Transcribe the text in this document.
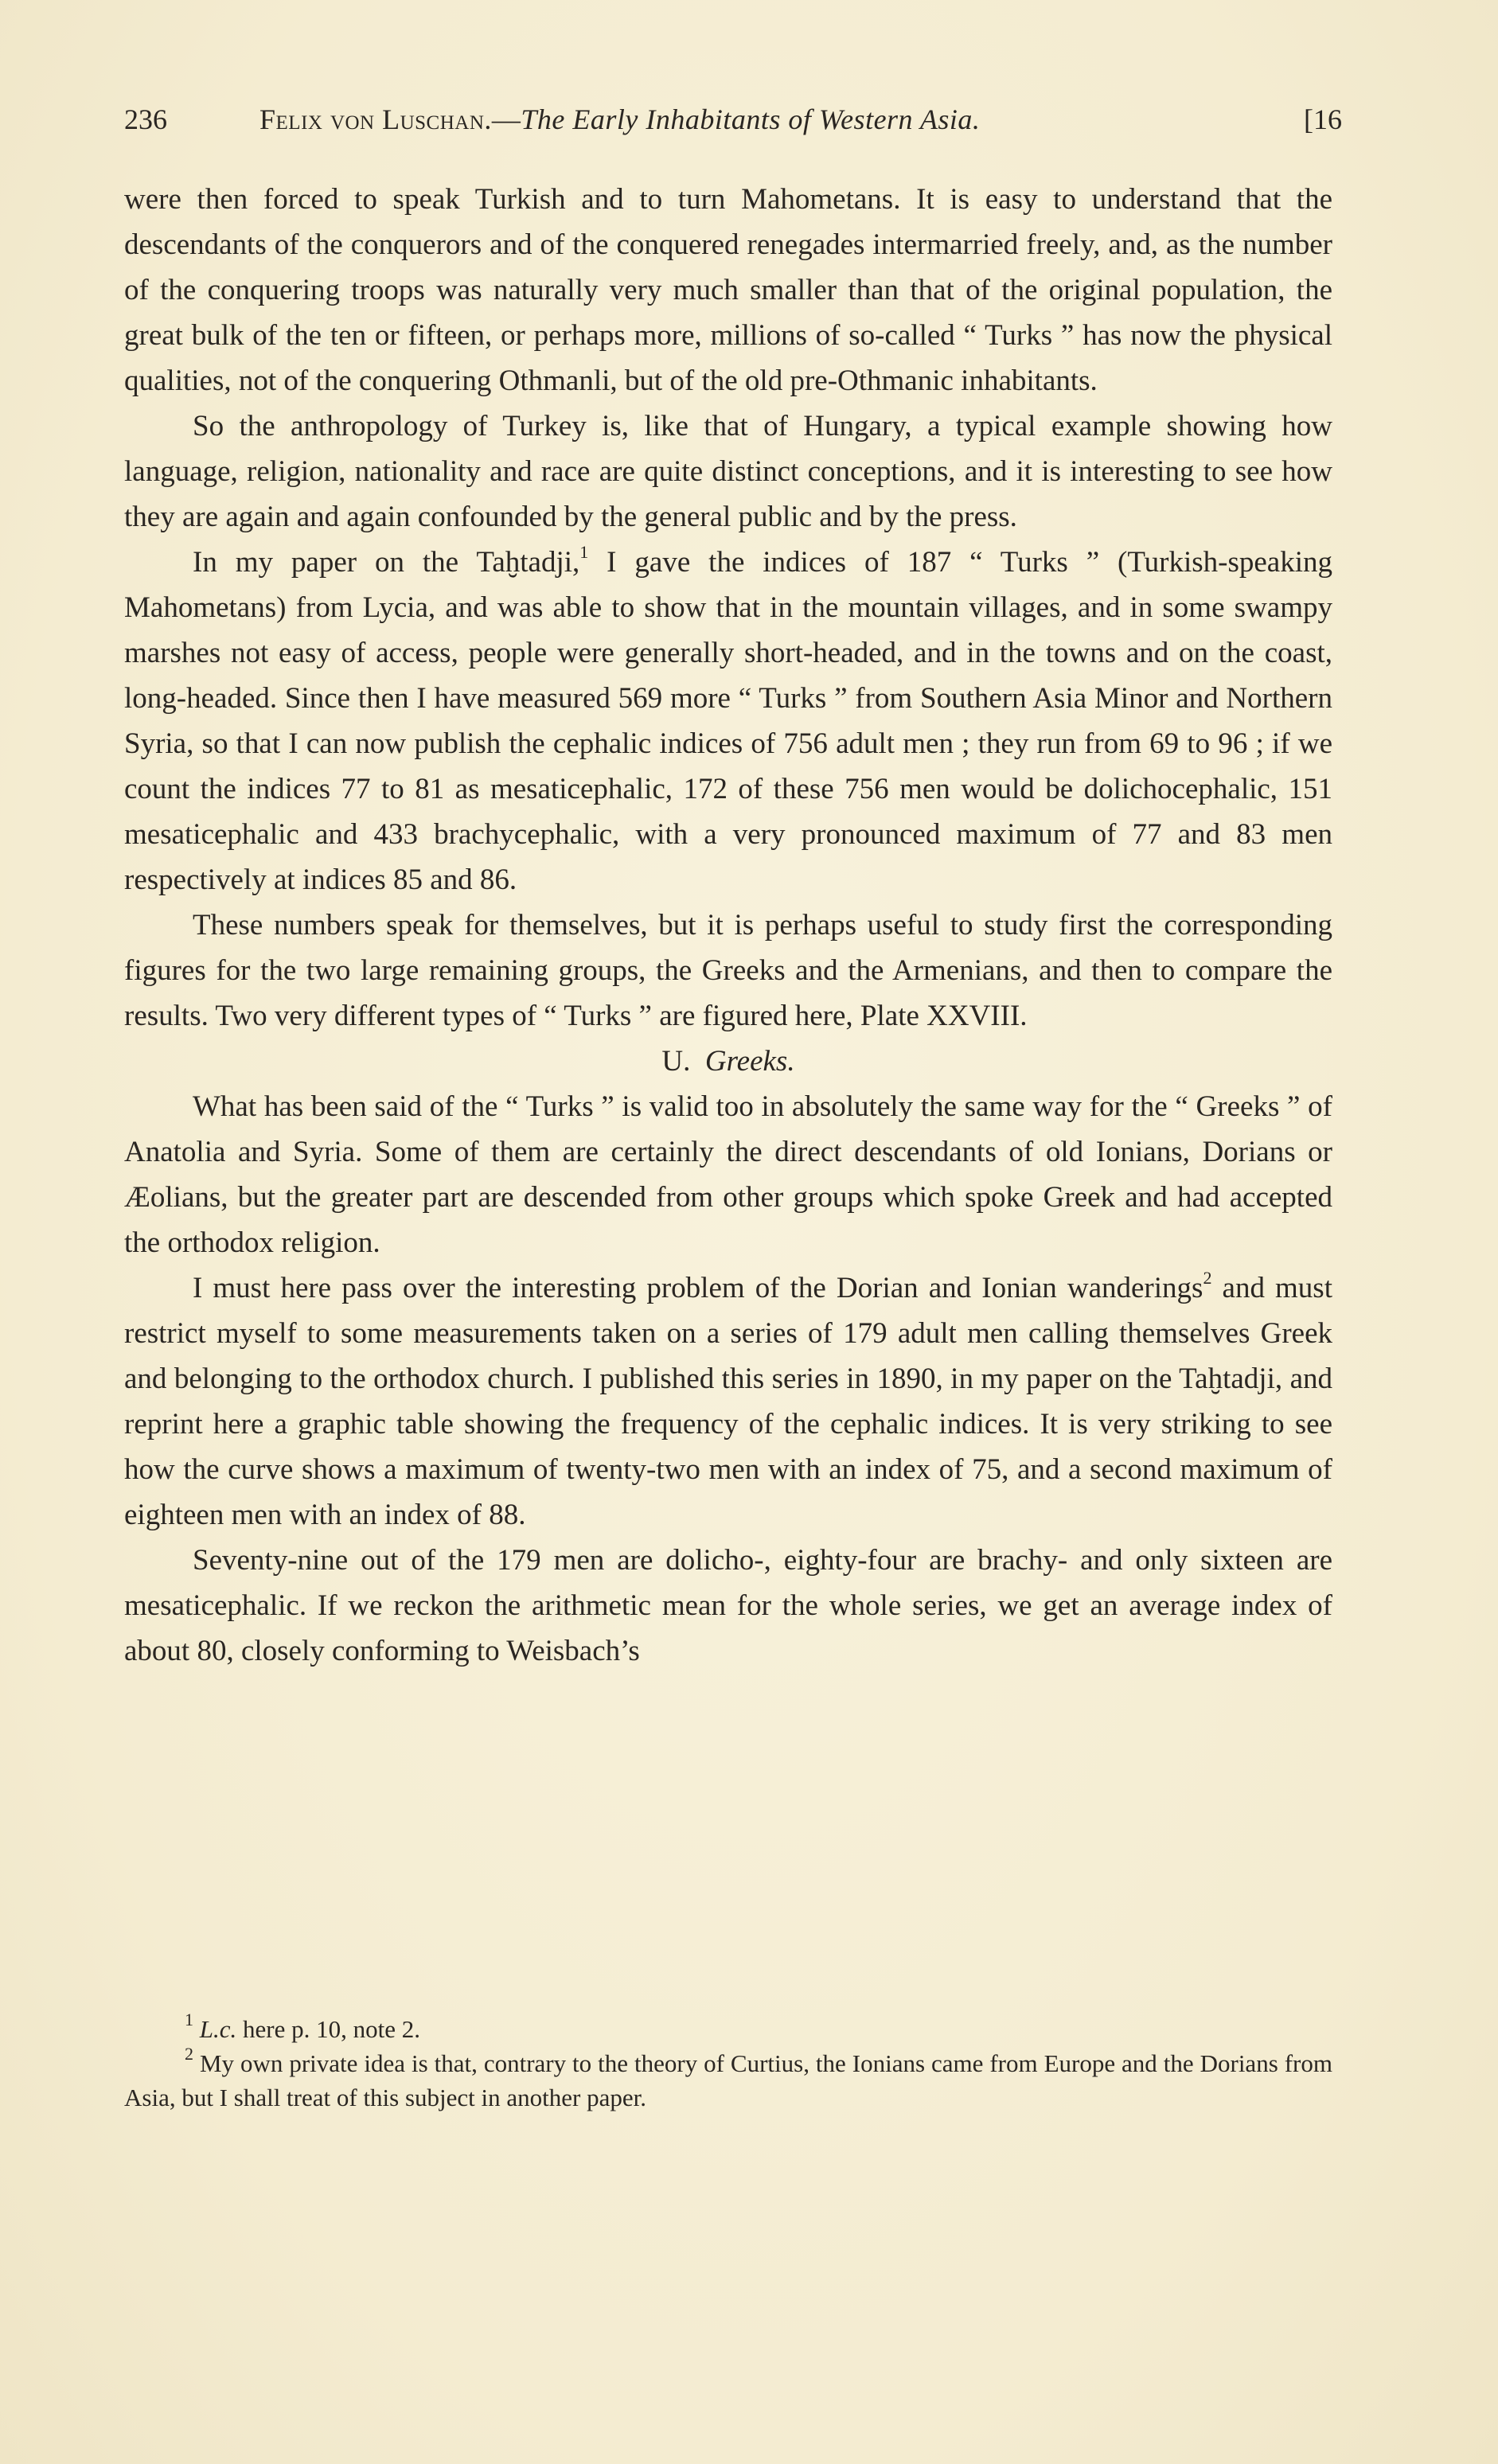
236	Felix von Luschan.—The Early Inhabitants of Western Asia.	[16

were then forced to speak Turkish and to turn Mahometans. It is easy to understand that the descendants of the conquerors and of the conquered renegades intermarried freely, and, as the number of the conquering troops was naturally very much smaller than that of the original population, the great bulk of the ten or fifteen, or perhaps more, millions of so-called “ Turks ” has now the physical qualities, not of the conquering Othmanli, but of the old pre-Othmanic inhabitants.

So the anthropology of Turkey is, like that of Hungary, a typical example showing how language, religion, nationality and race are quite distinct conceptions, and it is interesting to see how they are again and again confounded by the general public and by the press.

In my paper on the Taḫtadji,$^1$ I gave the indices of 187 “ Turks ” (Turkish-speaking Mahometans) from Lycia, and was able to show that in the mountain villages, and in some swampy marshes not easy of access, people were generally short-headed, and in the towns and on the coast, long-headed. Since then I have measured 569 more “ Turks ” from Southern Asia Minor and Northern Syria, so that I can now publish the cephalic indices of 756 adult men ; they run from 69 to 96 ; if we count the indices 77 to 81 as mesaticephalic, 172 of these 756 men would be dolichocephalic, 151 mesaticephalic and 433 brachycephalic, with a very pronounced maximum of 77 and 83 men respectively at indices 85 and 86.

These numbers speak for themselves, but it is perhaps useful to study first the corresponding figures for the two large remaining groups, the Greeks and the Armenians, and then to compare the results. Two very different types of “ Turks ” are figured here, Plate XXVIII.

U. Greeks.

What has been said of the “ Turks ” is valid too in absolutely the same way for the “ Greeks ” of Anatolia and Syria. Some of them are certainly the direct descendants of old Ionians, Dorians or Æolians, but the greater part are descended from other groups which spoke Greek and had accepted the orthodox religion.

I must here pass over the interesting problem of the Dorian and Ionian wanderings$^2$ and must restrict myself to some measurements taken on a series of 179 adult men calling themselves Greek and belonging to the orthodox church. I published this series in 1890, in my paper on the Taḫtadji, and reprint here a graphic table showing the frequency of the cephalic indices. It is very striking to see how the curve shows a maximum of twenty-two men with an index of 75, and a second maximum of eighteen men with an index of 88.

Seventy-nine out of the 179 men are dolicho-, eighty-four are brachy- and only sixteen are mesaticephalic. If we reckon the arithmetic mean for the whole series, we get an average index of about 80, closely conforming to Weisbach’s

$^1$ L.c. here p. 10, note 2.

$^2$ My own private idea is that, contrary to the theory of Curtius, the Ionians came from Europe and the Dorians from Asia, but I shall treat of this subject in another paper.
